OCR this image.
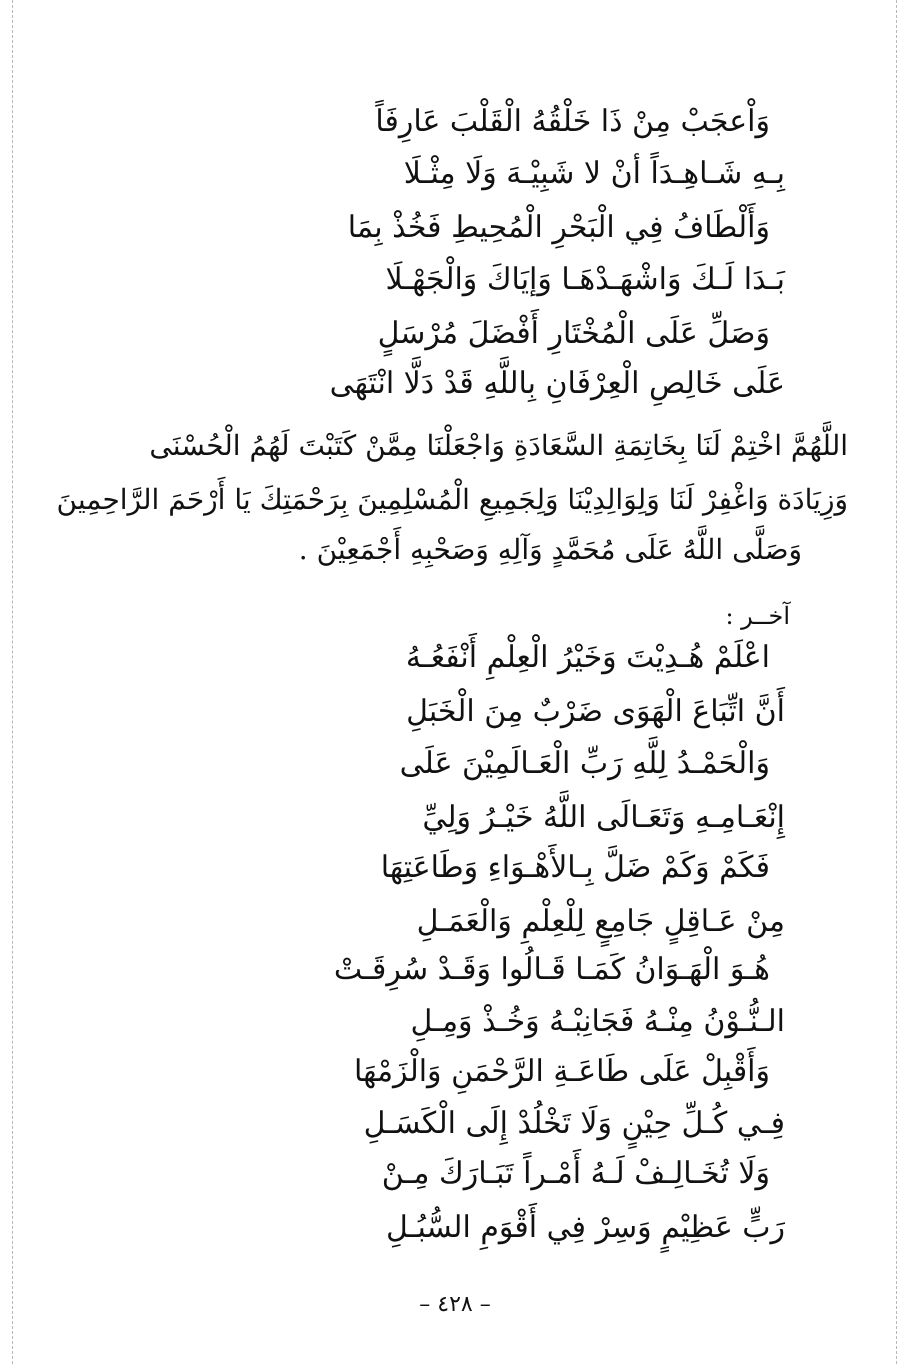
وَاْعجَبْ مِنْ ذَا خَلْقُهُ الْقَلْبَ عَارِفَاً
بِـهِ شَـاهِـدَاً أنْ لا شَبِيْـهَ وَلَا مِثْـلَا
وَأَلْطَافُ فِي الْبَحْرِ الْمُحِيطِ فَخُذْ بِمَا
بَـدَا لَـكَ وَاشْهَـدْهَـا وَإيَاكَ وَالْجَهْـلَا
وَصَلِّ عَلَى الْمُخْتَارِ أَفْضَلَ مُرْسَلٍ
عَلَى خَالِصِ الْعِرْفَانِ بِاللَّهِ قَدْ دَلَّا انْتَهَى
اللَّهُمَّ اخْتِمْ لَنَا بِخَاتِمَةِ السَّعَادَةِ وَاجْعَلْنَا مِمَّنْ كَتَبْتَ لَهُمُ الْحُسْنَى
وَزِيَادَة وَاغْفِرْ لَنَا وَلِوَالِدِيْنَا وَلِجَمِيعِ الْمُسْلِمِينَ بِرَحْمَتِكَ يَا أَرْحَمَ الرَّاحِمِينَ
وَصَلَّى اللَّهُ عَلَى مُحَمَّدٍ وَآلِهِ وَصَحْبِهِ أَجْمَعِيْنَ .
آخــر :
اعْلَمْ هُـدِيْتَ وَخَيْرُ الْعِلْمِ أَنْفَعُـهُ
أَنَّ اتِّبَاعَ الْهَوَى ضَرْبٌ مِنَ الْخَبَلِ
وَالْحَمْـدُ لِلَّهِ رَبِّ الْعَـالَمِيْنَ عَلَى
إِنْعَـامِـهِ وَتَعَـالَى اللَّهُ خَيْـرُ وَلِيِّ
فَكَمْ وَكَمْ ضَلَّ بِـالأَهْـوَاءِ وَطَاعَتِهَا
مِنْ عَـاقِلٍ جَامِعٍ لِلْعِلْمِ وَالْعَمَـلِ
هُـوَ الْهَـوَانُ كَمَـا قَـالُوا وَقَـدْ سُرِقَـتْ
الـنُّـوْنُ مِنْـهُ فَجَانِبْـهُ وَخُـذْ وَمِـلِ
وَأَقْبِلْ عَلَى طَاعَـةِ الرَّحْمَنِ وَالْزَمْهَا
فِـي كُـلِّ حِيْنٍ وَلَا تَخْلُدْ إِلَى الْكَسَـلِ
وَلَا تُخَـالِـفْ لَـهُ أَمْـراً تَبَـارَكَ مِـنْ
رَبٍّ عَظِيْمٍ وَسِرْ فِي أَقْوَمِ السُّبُـلِ
– ٤٢٨ –
